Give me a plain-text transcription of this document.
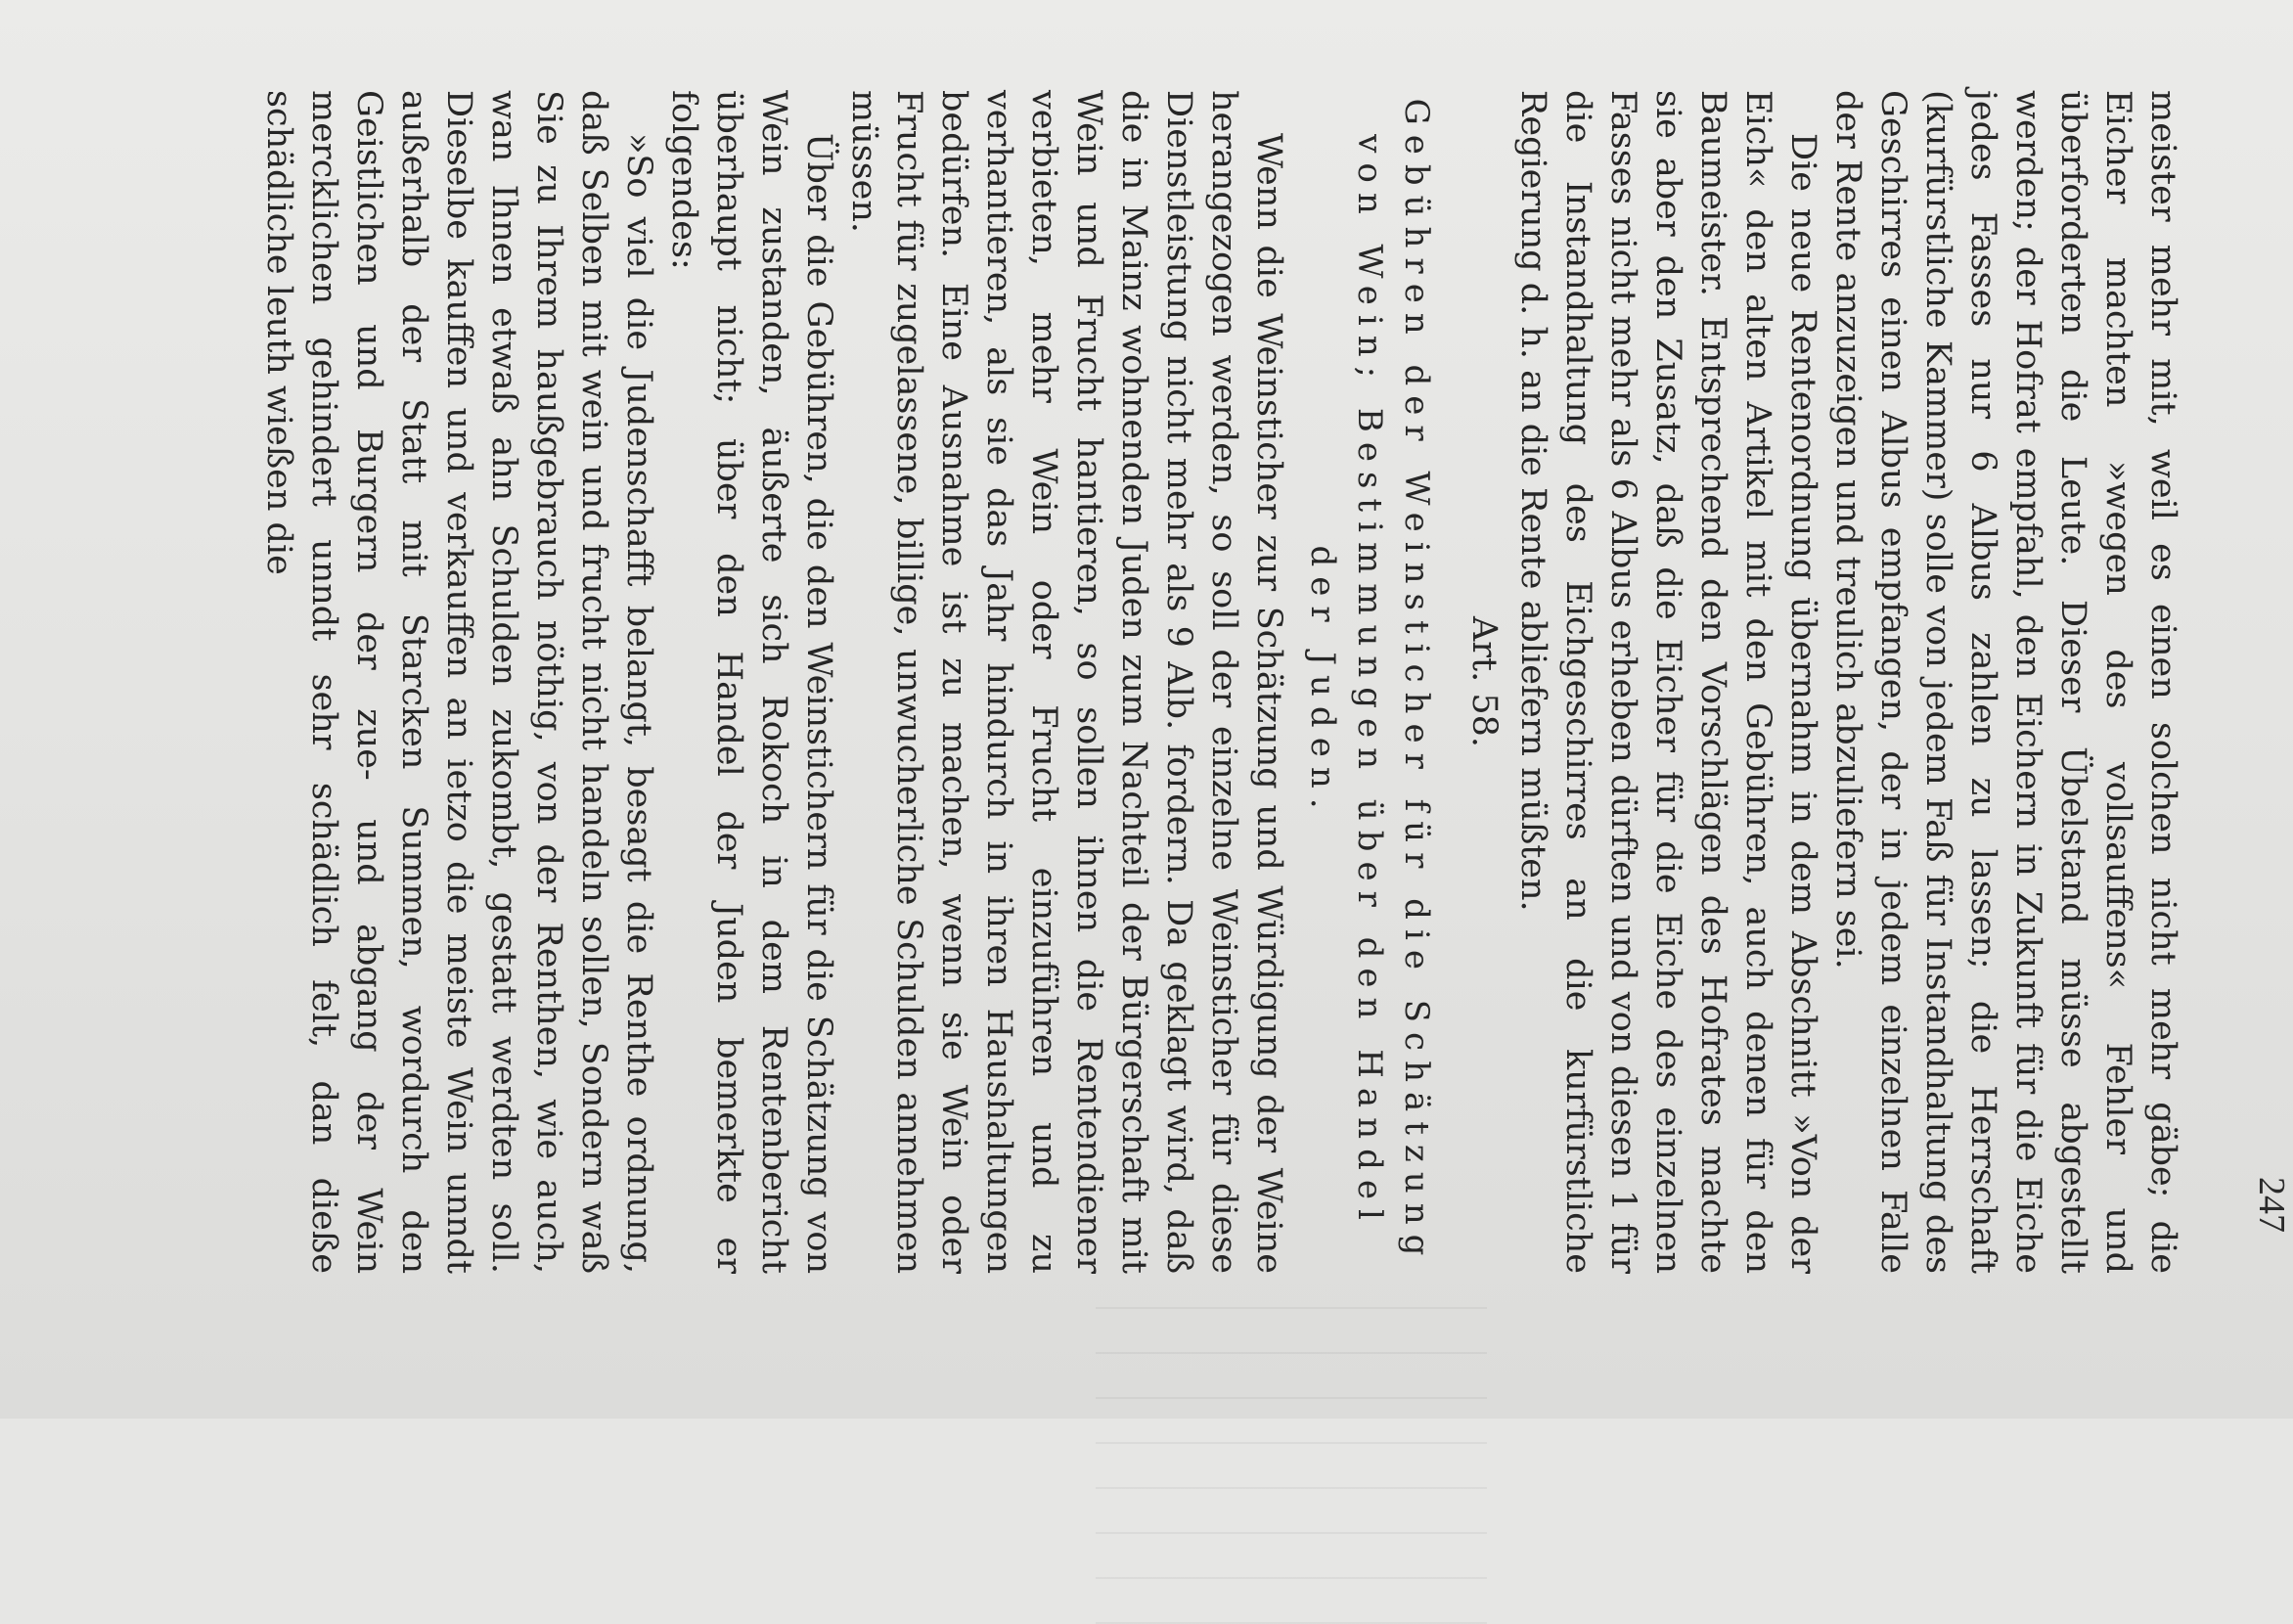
247

meister mehr mit, weil es einen solchen nicht mehr gäbe; die Eicher machten »wegen des vollsauffens« Fehler und überforderten die Leute. Dieser Übelstand müsse abgestellt werden; der Hofrat empfahl, den Eichern in Zukunft für die Eiche jedes Fasses nur 6 Albus zahlen zu lassen; die Herrschaft (kurfürstliche Kammer) solle von jedem Faß für Instandhaltung des Geschirres einen Albus empfangen, der in jedem einzelnen Falle der Rente anzuzeigen und treulich abzuliefern sei.

Die neue Rentenordnung übernahm in dem Abschnitt »Von der Eich« den alten Artikel mit den Gebühren, auch denen für den Baumeister. Entsprechend den Vorschlägen des Hofrates machte sie aber den Zusatz, daß die Eicher für die Eiche des einzelnen Fasses nicht mehr als 6 Albus erheben dürften und von diesen 1 für die Instandhaltung des Eichgeschirres an die kurfürstliche Regierung d. h. an die Rente abliefern müßten.

Art. 58.
Gebühren der Weinsticher für die Schätzung von Wein; Bestimmungen über den Handel der Juden.

Wenn die Weinsticher zur Schätzung und Würdigung der Weine herangezogen werden, so soll der einzelne Weinsticher für diese Dienstleistung nicht mehr als 9 Alb. fordern. Da geklagt wird, daß die in Mainz wohnenden Juden zum Nachteil der Bürgerschaft mit Wein und Frucht hantieren, so sollen ihnen die Rentendiener verbieten, mehr Wein oder Frucht einzuführen und zu verhantieren, als sie das Jahr hindurch in ihren Haushaltungen bedürfen. Eine Ausnahme ist zu machen, wenn sie Wein oder Frucht für zugelassene, billige, unwucherliche Schulden annehmen müssen.

Über die Gebühren, die den Weinstichern für die Schätzung von Wein zustanden, äußerte sich Rokoch in dem Rentenbericht überhaupt nicht; über den Handel der Juden bemerkte er folgendes:

»So viel die Judenschafft belangt, besagt die Renthe ordnung, daß Selben mit wein und frucht nicht handeln sollen, Sondern waß Sie zu Ihrem haußgebrauch nöthig, von der Renthen, wie auch, wan Ihnen etwaß ahn Schulden zukombt, gestatt werdten soll. Dieselbe kauffen und verkauffen an ietzo die meiste Wein unndt außerhalb der Statt mit Starcken Summen, wordurch den Geistlichen und Burgern der zue- und abgang der Wein mercklichen gehindert unndt sehr schädlich felt, dan dieße schädliche leuth wießen die
